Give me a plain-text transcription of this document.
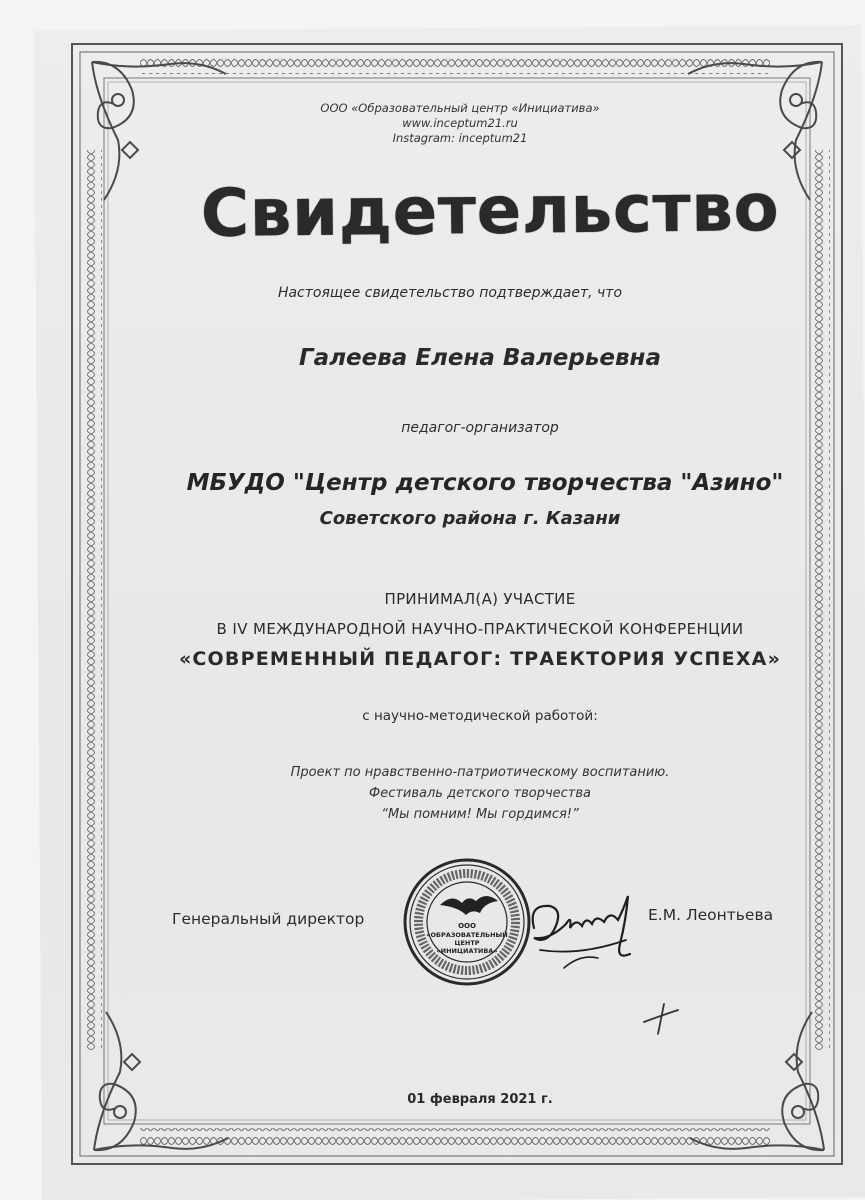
ООО «Образовательный центр «Инициатива»
www.inceptum21.ru
Instagram: inceptum21
Свидетельство
Настоящее свидетельство подтверждает, что
Галеева Елена Валерьевна
педагог-организатор
МБУДО "Центр детского творчества "Азино"
Советского района г. Казани
ПРИНИМАЛ(А) УЧАСТИЕ
В IV МЕЖДУНАРОДНОЙ НАУЧНО-ПРАКТИЧЕСКОЙ КОНФЕРЕНЦИИ
«СОВРЕМЕННЫЙ ПЕДАГОГ: ТРАЕКТОРИЯ УСПЕХА»
с научно-методической работой:
Проект по нравственно-патриотическому воспитанию.
Фестиваль детского творчества
“Мы помним! Мы гордимся!”
Генеральный директор	ООО
«ОБРАЗОВАТЕЛЬНЫЙ
ЦЕНТР
«ИНИЦИАТИВА»
Е.М. Леонтьева
01 февраля 2021 г.
